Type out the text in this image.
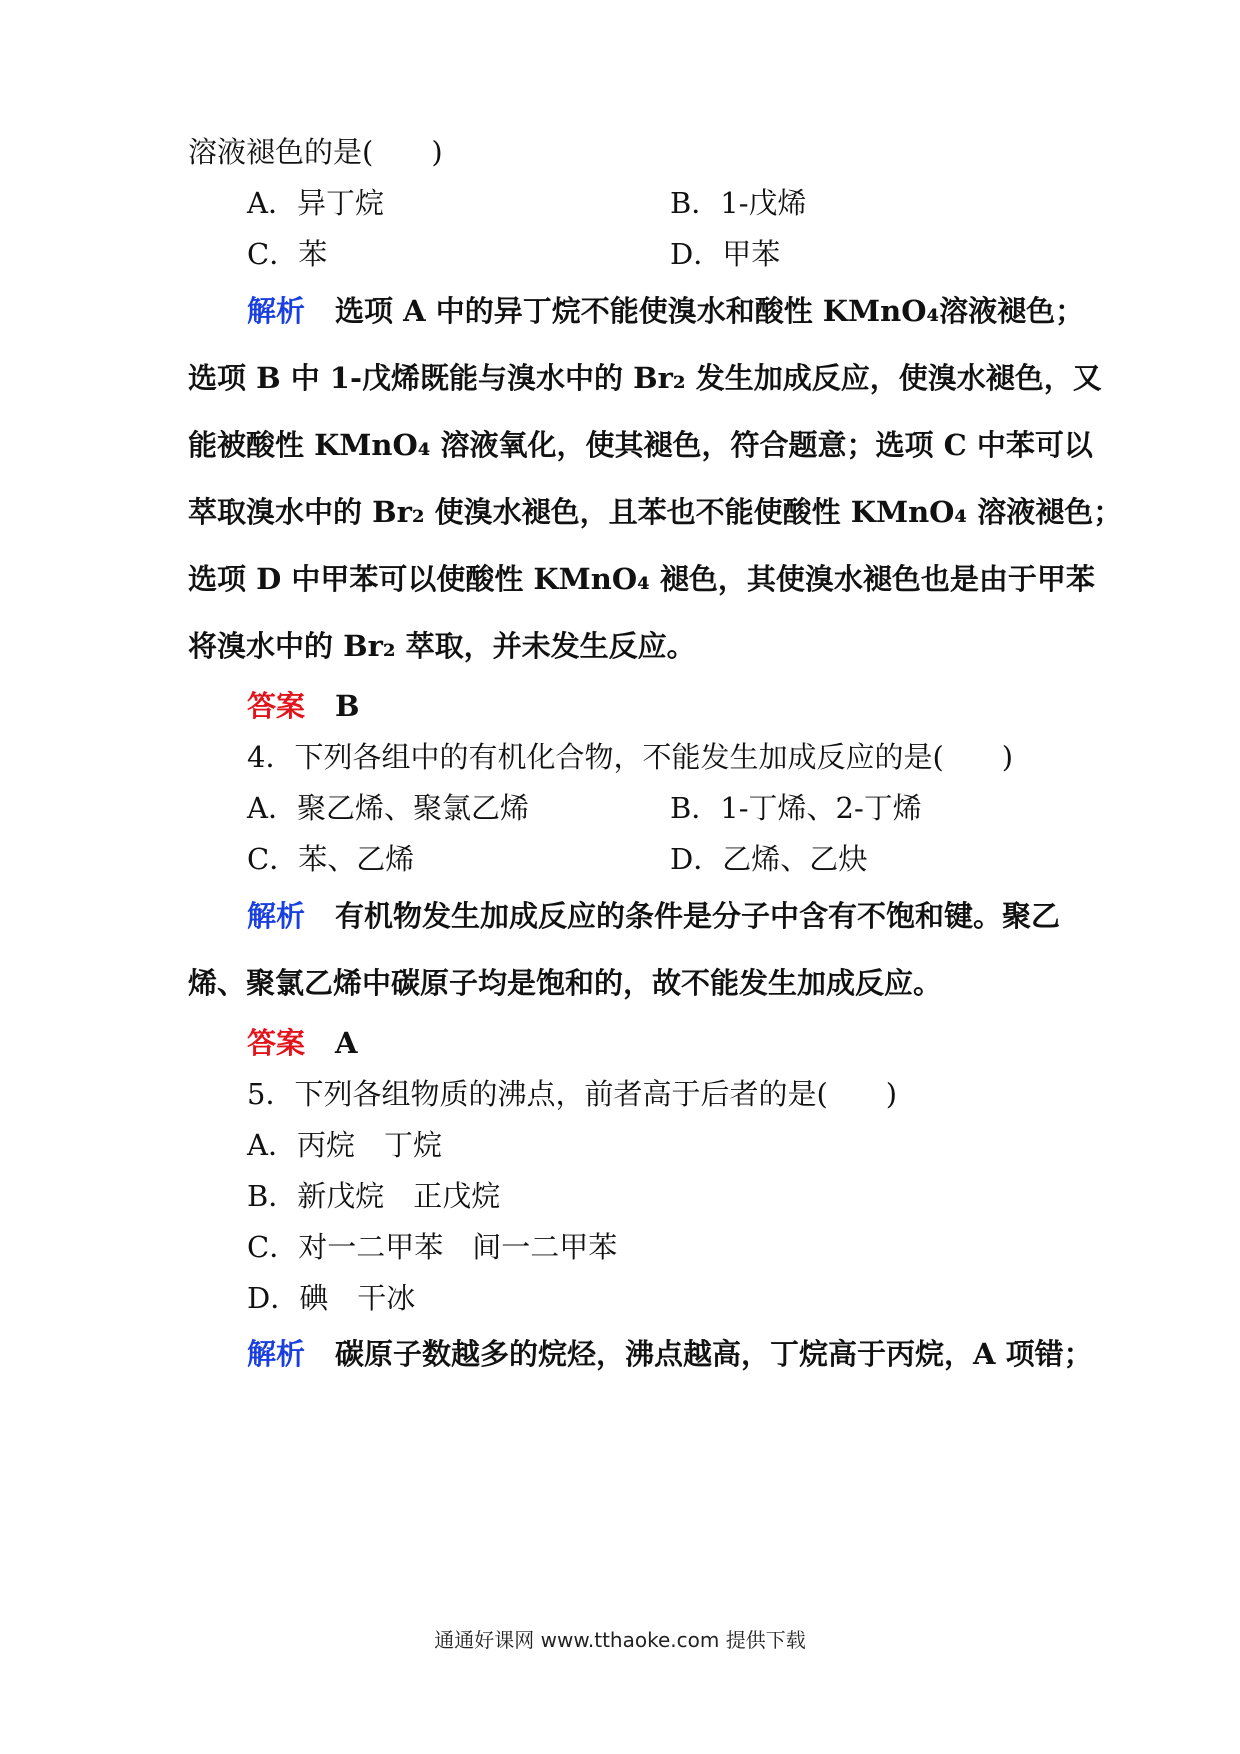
溶液褪色的是(　　)
A．异丁烷	B．1-戊烯
C．苯	D．甲苯
解析 选项 A 中的异丁烷不能使溴水和酸性 KMnO₄溶液褪色；
选项 B 中 1-戊烯既能与溴水中的 Br₂ 发生加成反应，使溴水褪色，又
能被酸性 KMnO₄ 溶液氧化，使其褪色，符合题意；选项 C 中苯可以
萃取溴水中的 Br₂ 使溴水褪色，且苯也不能使酸性 KMnO₄ 溶液褪色；
选项 D 中甲苯可以使酸性 KMnO₄ 褪色，其使溴水褪色也是由于甲苯
将溴水中的 Br₂ 萃取，并未发生反应。
答案 B
4．下列各组中的有机化合物，不能发生加成反应的是(　　)
A．聚乙烯、聚氯乙烯	B．1-丁烯、2-丁烯
C．苯、乙烯	D．乙烯、乙炔
解析 有机物发生加成反应的条件是分子中含有不饱和键。聚乙
烯、聚氯乙烯中碳原子均是饱和的，故不能发生加成反应。
答案 A
5．下列各组物质的沸点，前者高于后者的是(　　)
A．丙烷　丁烷
B．新戊烷　正戊烷
C．对一二甲苯　间一二甲苯
D．碘　干冰
解析 碳原子数越多的烷烃，沸点越高，丁烷高于丙烷，A 项错；
通通好课网 www.tthaoke.com 提供下载
